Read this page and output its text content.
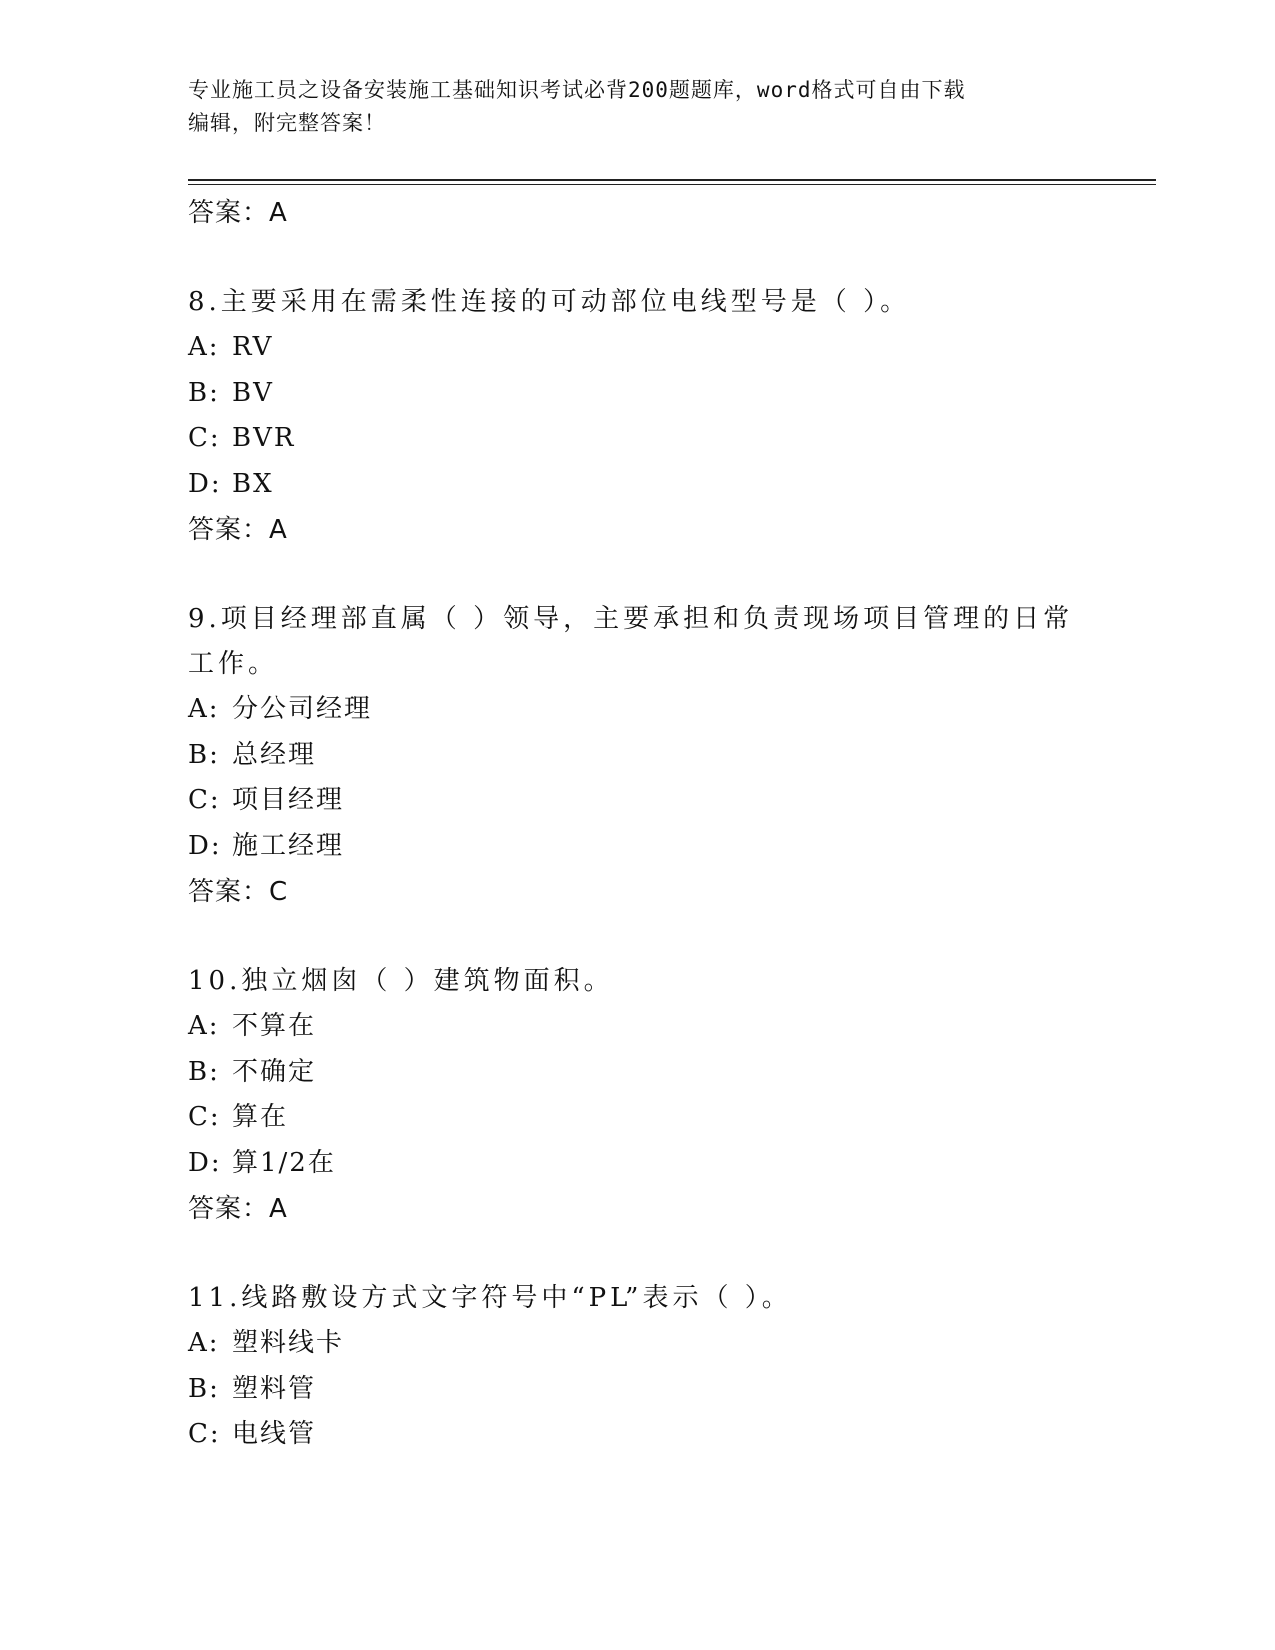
专业施工员之设备安装施工基础知识考试必背200题题库，word格式可自由下载
编辑，附完整答案！
答案：A
8.主要采用在需柔性连接的可动部位电线型号是（ ）。
A: RV
B: BV
C: BVR
D: BX
答案：A
9.项目经理部直属（ ）领导，主要承担和负责现场项目管理的日常工作。
A: 分公司经理
B: 总经理
C: 项目经理
D: 施工经理
答案：C
10.独立烟囱（ ）建筑物面积。
A: 不算在
B: 不确定
C: 算在
D: 算1/2在
答案：A
11.线路敷设方式文字符号中“PL”表示（ ）。
A: 塑料线卡
B: 塑料管
C: 电线管
